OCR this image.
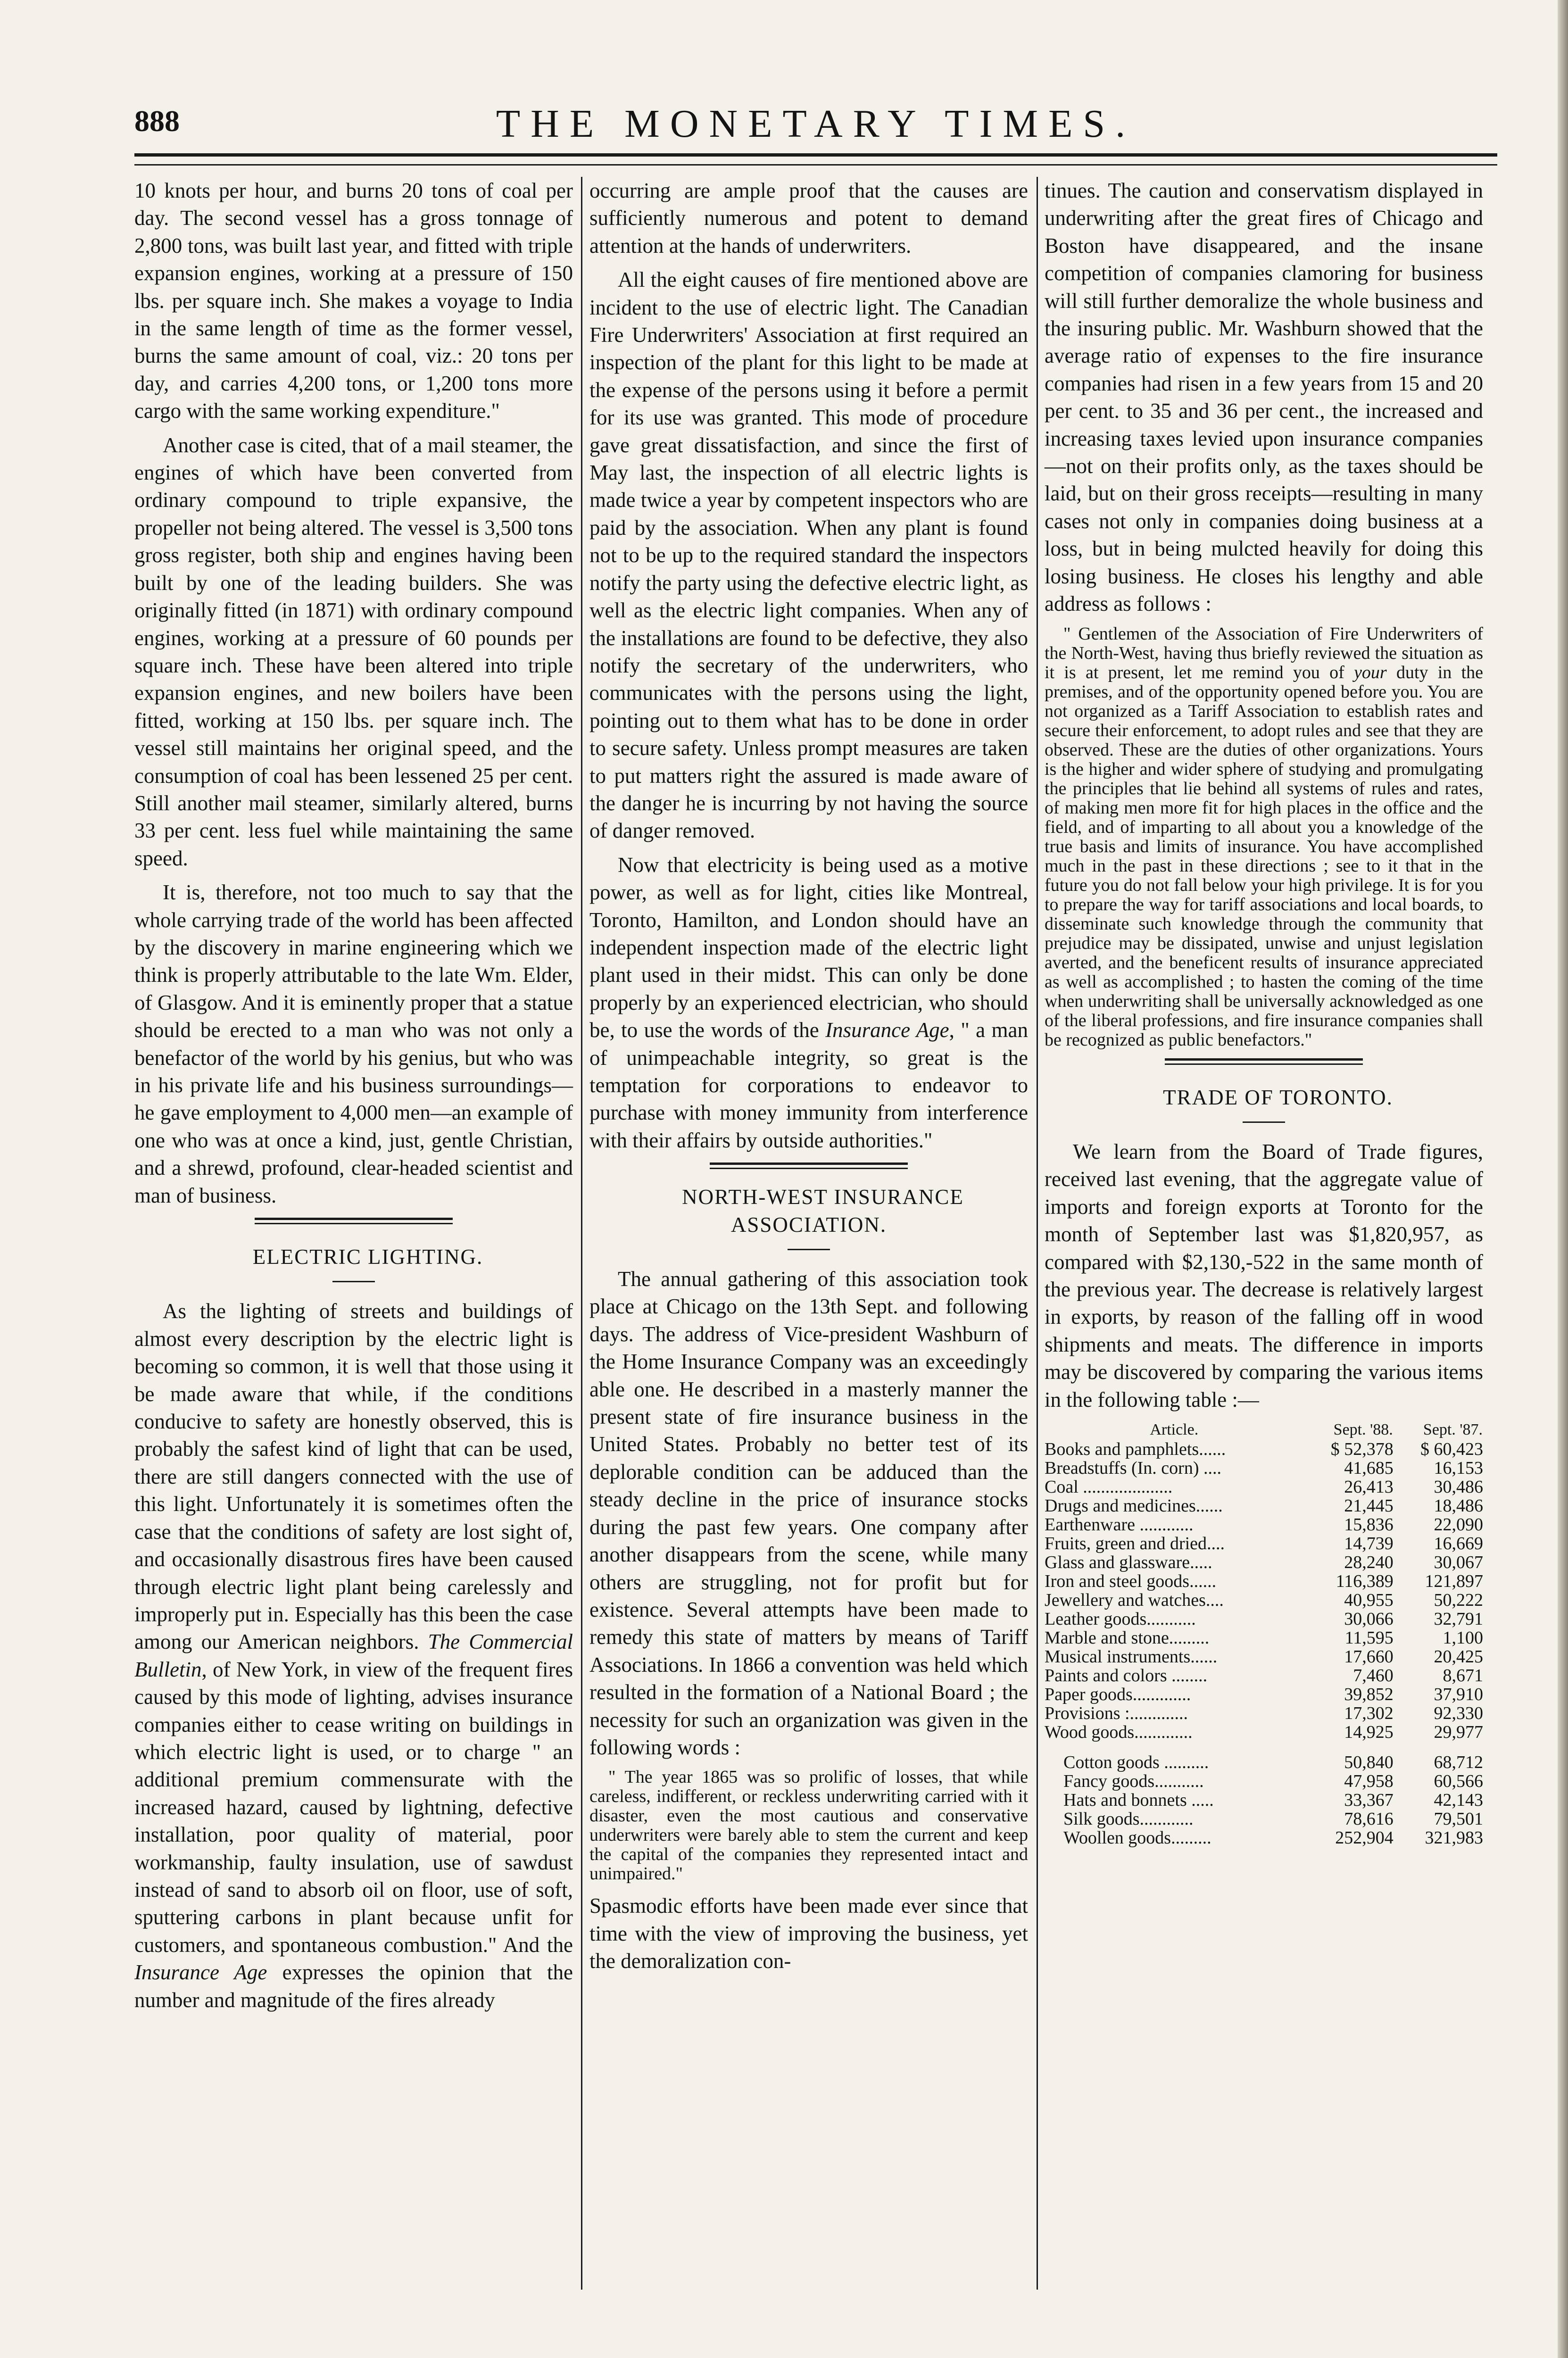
888	THE MONETARY TIMES.

10 knots per hour, and burns 20 tons of coal per day. The second vessel has a gross tonnage of 2,800 tons, was built last year, and fitted with triple expansion engines, working at a pressure of 150 lbs. per square inch. She makes a voyage to India in the same length of time as the former vessel, burns the same amount of coal, viz.: 20 tons per day, and carries 4,200 tons, or 1,200 tons more cargo with the same working expenditure."

Another case is cited, that of a mail steamer, the engines of which have been converted from ordinary compound to triple expansive, the propeller not being altered. The vessel is 3,500 tons gross register, both ship and engines having been built by one of the leading builders. She was originally fitted (in 1871) with ordinary compound engines, working at a pressure of 60 pounds per square inch. These have been altered into triple expansion engines, and new boilers have been fitted, working at 150 lbs. per square inch. The vessel still maintains her original speed, and the consumption of coal has been lessened 25 per cent. Still another mail steamer, similarly altered, burns 33 per cent. less fuel while maintaining the same speed.

It is, therefore, not too much to say that the whole carrying trade of the world has been affected by the discovery in marine engineering which we think is properly attributable to the late Wm. Elder, of Glasgow. And it is eminently proper that a statue should be erected to a man who was not only a benefactor of the world by his genius, but who was in his private life and his business surroundings—he gave employment to 4,000 men—an example of one who was at once a kind, just, gentle Christian, and a shrewd, profound, clear-headed scientist and man of business.

ELECTRIC LIGHTING.

As the lighting of streets and buildings of almost every description by the electric light is becoming so common, it is well that those using it be made aware that while, if the conditions conducive to safety are honestly observed, this is probably the safest kind of light that can be used, there are still dangers connected with the use of this light. Unfortunately it is sometimes often the case that the conditions of safety are lost sight of, and occasionally disastrous fires have been caused through electric light plant being carelessly and improperly put in. Especially has this been the case among our American neighbors. The Commercial Bulletin, of New York, in view of the frequent fires caused by this mode of lighting, advises insurance companies either to cease writing on buildings in which electric light is used, or to charge " an additional premium commensurate with the increased hazard, caused by lightning, defective installation, poor quality of material, poor workmanship, faulty insulation, use of sawdust instead of sand to absorb oil on floor, use of soft, sputtering carbons in plant because unfit for customers, and spontaneous combustion." And the Insurance Age expresses the opinion that the number and magnitude of the fires already

occurring are ample proof that the causes are sufficiently numerous and potent to demand attention at the hands of underwriters.

All the eight causes of fire mentioned above are incident to the use of electric light. The Canadian Fire Underwriters' Association at first required an inspection of the plant for this light to be made at the expense of the persons using it before a permit for its use was granted. This mode of procedure gave great dissatisfaction, and since the first of May last, the inspection of all electric lights is made twice a year by competent inspectors who are paid by the association. When any plant is found not to be up to the required standard the inspectors notify the party using the defective electric light, as well as the electric light companies. When any of the installations are found to be defective, they also notify the secretary of the underwriters, who communicates with the persons using the light, pointing out to them what has to be done in order to secure safety. Unless prompt measures are taken to put matters right the assured is made aware of the danger he is incurring by not having the source of danger removed.

Now that electricity is being used as a motive power, as well as for light, cities like Montreal, Toronto, Hamilton, and London should have an independent inspection made of the electric light plant used in their midst. This can only be done properly by an experienced electrician, who should be, to use the words of the Insurance Age, " a man of unimpeachable integrity, so great is the temptation for corporations to endeavor to purchase with money immunity from interference with their affairs by outside authorities."

NORTH-WEST INSURANCE ASSOCIATION.

The annual gathering of this association took place at Chicago on the 13th Sept. and following days. The address of Vice-president Washburn of the Home Insurance Company was an exceedingly able one. He described in a masterly manner the present state of fire insurance business in the United States. Probably no better test of its deplorable condition can be adduced than the steady decline in the price of insurance stocks during the past few years. One company after another disappears from the scene, while many others are struggling, not for profit but for existence. Several attempts have been made to remedy this state of matters by means of Tariff Associations. In 1866 a convention was held which resulted in the formation of a National Board ; the necessity for such an organization was given in the following words :

" The year 1865 was so prolific of losses, that while careless, indifferent, or reckless underwriting carried with it disaster, even the most cautious and conservative underwriters were barely able to stem the current and keep the capital of the companies they represented intact and unimpaired."

Spasmodic efforts have been made ever since that time with the view of improving the business, yet the demoralization con-

tinues. The caution and conservatism displayed in underwriting after the great fires of Chicago and Boston have disappeared, and the insane competition of companies clamoring for business will still further demoralize the whole business and the insuring public. Mr. Washburn showed that the average ratio of expenses to the fire insurance companies had risen in a few years from 15 and 20 per cent. to 35 and 36 per cent., the increased and increasing taxes levied upon insurance companies—not on their profits only, as the taxes should be laid, but on their gross receipts—resulting in many cases not only in companies doing business at a loss, but in being mulcted heavily for doing this losing business. He closes his lengthy and able address as follows :

" Gentlemen of the Association of Fire Underwriters of the North-West, having thus briefly reviewed the situation as it is at present, let me remind you of your duty in the premises, and of the opportunity opened before you. You are not organized as a Tariff Association to establish rates and secure their enforcement, to adopt rules and see that they are observed. These are the duties of other organizations. Yours is the higher and wider sphere of studying and promulgating the principles that lie behind all systems of rules and rates, of making men more fit for high places in the office and the field, and of imparting to all about you a knowledge of the true basis and limits of insurance. You have accomplished much in the past in these directions ; see to it that in the future you do not fall below your high privilege. It is for you to prepare the way for tariff associations and local boards, to disseminate such knowledge through the community that prejudice may be dissipated, unwise and unjust legislation averted, and the beneficent results of insurance appreciated as well as accomplished ; to hasten the coming of the time when underwriting shall be universally acknowledged as one of the liberal professions, and fire insurance companies shall be recognized as public benefactors."

TRADE OF TORONTO.

We learn from the Board of Trade figures, received last evening, that the aggregate value of imports and foreign exports at Toronto for the month of September last was $1,820,957, as compared with $2,130,-522 in the same month of the previous year. The decrease is relatively largest in exports, by reason of the falling off in wood shipments and meats. The difference in imports may be discovered by comparing the various items in the following table :—

Article.	Sept. '88.	Sept. '87.
Books and pamphlets......	$ 52,378	$ 60,423
Breadstuffs (In. corn) ....	41,685	16,153
Coal ....................	26,413	30,486
Drugs and medicines......	21,445	18,486
Earthenware ............	15,836	22,090
Fruits, green and dried....	14,739	16,669
Glass and glassware.....	28,240	30,067
Iron and steel goods......	116,389	121,897
Jewellery and watches....	40,955	50,222
Leather goods...........	30,066	32,791
Marble and stone.........	11,595	1,100
Musical instruments......	17,660	20,425
Paints and colors ........	7,460	8,671
Paper goods.............	39,852	37,910
Provisions :.............	17,302	92,330
Wood goods.............	14,925	29,977

Cotton goods ..........	50,840	68,712
Fancy goods...........	47,958	60,566
Hats and bonnets .....	33,367	42,143
Silk goods............	78,616	79,501
Woollen goods.........	252,904	321,983
